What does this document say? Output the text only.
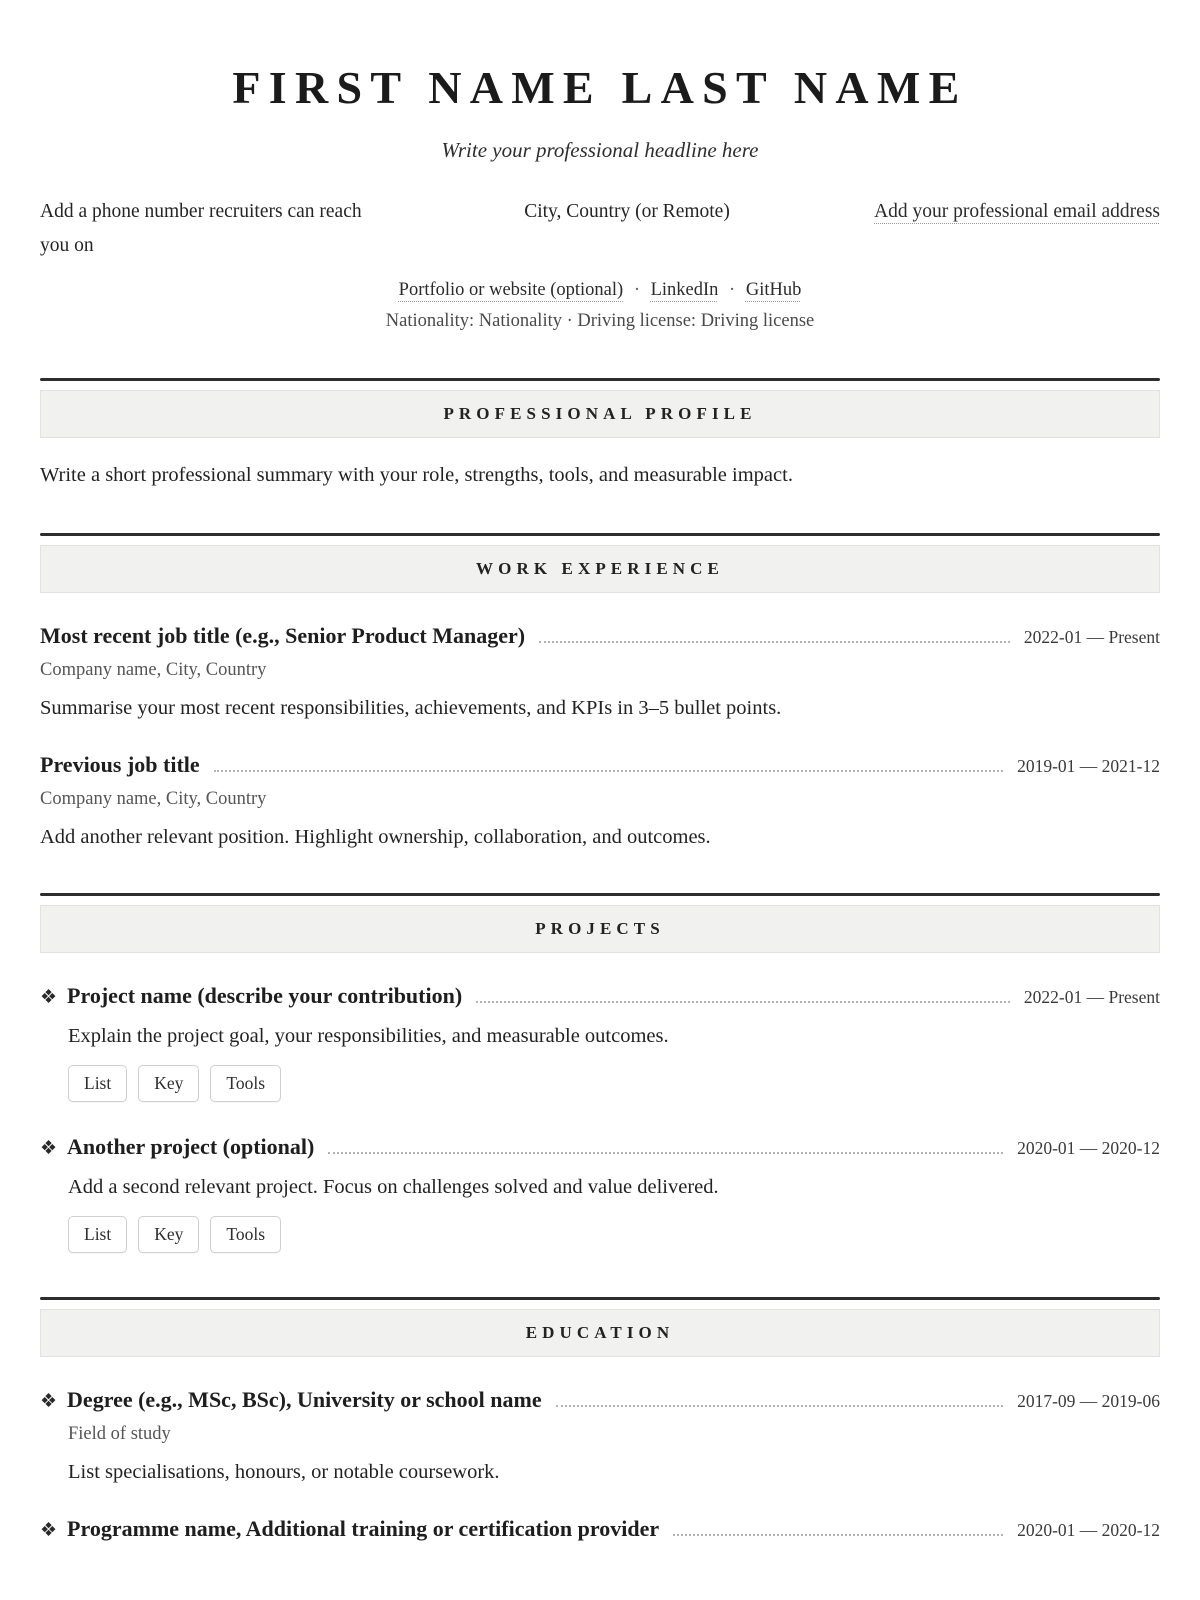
FIRST NAME LAST NAME
Write your professional headline here
Add a phone number recruiters can reach you on
City, Country (or Remote)	Add your professional email address
Portfolio or website (optional) · LinkedIn · GitHub
Nationality: Nationality · Driving license: Driving license
PROFESSIONAL PROFILE

Write a short professional summary with your role, strengths, tools, and measurable impact.

WORK EXPERIENCE
Most recent job title (e.g., Senior Product Manager)	2022-01 — Present
Company name, City, Country

Summarise your most recent responsibilities, achievements, and KPIs in 3–5 bullet points.

Previous job title	2019-01 — 2021-12
Company name, City, Country

Add another relevant position. Highlight ownership, collaboration, and outcomes.

PROJECTS
❖ Project name (describe your contribution)	2022-01 — Present

Explain the project goal, your responsibilities, and measurable outcomes.

List	Key	Tools
❖ Another project (optional)	2020-01 — 2020-12

Add a second relevant project. Focus on challenges solved and value delivered.

List	Key	Tools
EDUCATION
❖ Degree (e.g., MSc, BSc), University or school name	2017-09 — 2019-06
Field of study

List specialisations, honours, or notable coursework.

❖ Programme name, Additional training or certification provider	2020-01 — 2020-12
